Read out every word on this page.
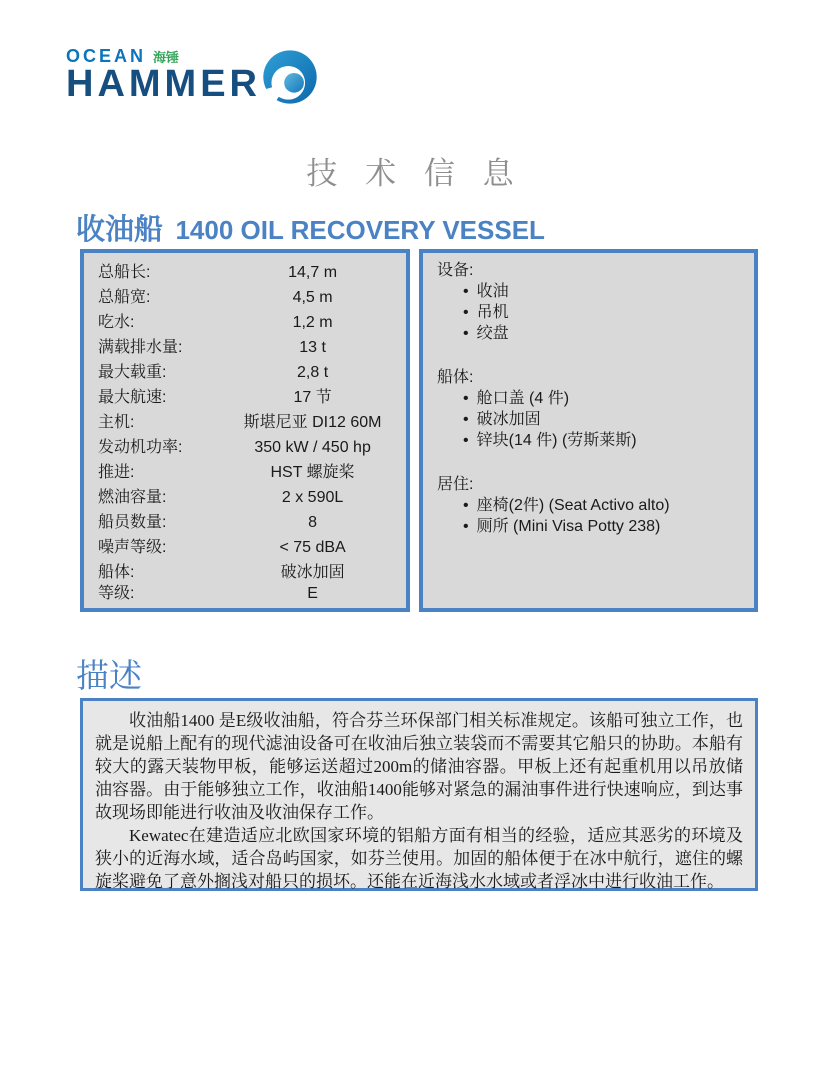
OCEAN 海锤
HAMMER
技 术 信 息
收油船 1400 OIL RECOVERY VESSEL
总船长:	14,7 m
总船宽:	4,5 m
吃水:	1,2 m
满载排水量:	13 t
最大载重:	2,8 t
最大航速:	17 节
主机:	斯堪尼亚 DI12 60M
发动机功率:	350 kW / 450 hp
推进:	HST 螺旋桨
燃油容量:	2 x 590L
船员数量:	8
噪声等级:	< 75 dBA
船体:	破冰加固
等级:	E
设备:
• 收油
• 吊机
• 绞盘
船体:
• 舱口盖 (4 件)
• 破冰加固
• 锌块(14 件) (劳斯莱斯)
居住:
• 座椅(2件) (Seat Activo alto)
• 厕所 (Mini Visa Potty 238)
描述

收油船1400 是E级收油船，符合芬兰环保部门相关标准规定。该船可独立工作，也就是说船上配有的现代滤油设备可在收油后独立装袋而不需要其它船只的协助。本船有较大的露天装物甲板，能够运送超过200m的储油容器。甲板上还有起重机用以吊放储油容器。由于能够独立工作，收油船1400能够对紧急的漏油事件进行快速响应，到达事故现场即能进行收油及收油保存工作。

Kewatec在建造适应北欧国家环境的铝船方面有相当的经验，适应其恶劣的环境及狭小的近海水域，适合岛屿国家，如芬兰使用。加固的船体便于在冰中航行，遮住的螺旋桨避免了意外搁浅对船只的损坏。还能在近海浅水水域或者浮冰中进行收油工作。
